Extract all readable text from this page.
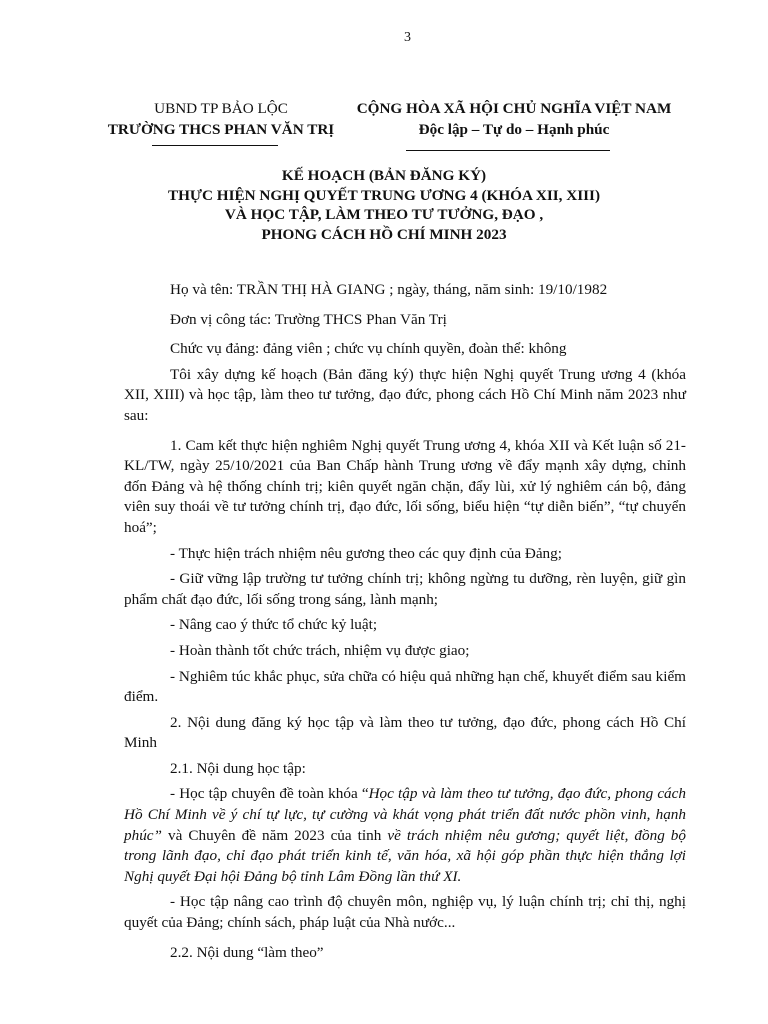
3
UBND TP BẢO LỘC
TRƯỜNG THCS PHAN VĂN TRỊ
CỘNG HÒA XÃ HỘI CHỦ NGHĨA VIỆT NAM
Độc lập – Tự do – Hạnh phúc
KẾ HOẠCH (BẢN ĐĂNG KÝ)
THỰC HIỆN NGHỊ QUYẾT TRUNG ƯƠNG 4 (KHÓA XII, XIII)
VÀ HỌC TẬP, LÀM THEO TƯ TƯỞNG, ĐẠO ,
PHONG CÁCH HỒ CHÍ MINH 2023

Họ và tên: TRẦN THỊ HÀ GIANG ; ngày, tháng, năm sinh: 19/10/1982

Đơn vị công tác: Trường THCS Phan Văn Trị

Chức vụ đảng: đảng viên ; chức vụ chính quyền, đoàn thể: không

Tôi xây dựng kế hoạch (Bản đăng ký) thực hiện Nghị quyết Trung ương 4 (khóa XII, XIII) và học tập, làm theo tư tưởng, đạo đức, phong cách Hồ Chí Minh năm 2023 như sau:

1. Cam kết thực hiện nghiêm Nghị quyết Trung ương 4, khóa XII và Kết luận số 21-KL/TW, ngày 25/10/2021 của Ban Chấp hành Trung ương về đẩy mạnh xây dựng, chỉnh đốn Đảng và hệ thống chính trị; kiên quyết ngăn chặn, đẩy lùi, xử lý nghiêm cán bộ, đảng viên suy thoái về tư tưởng chính trị, đạo đức, lối sống, biểu hiện “tự diễn biến”, “tự chuyển hoá”;

- Thực hiện trách nhiệm nêu gương theo các quy định của Đảng;

- Giữ vững lập trường tư tưởng chính trị; không ngừng tu dưỡng, rèn luyện, giữ gìn phẩm chất đạo đức, lối sống trong sáng, lành mạnh;

- Nâng cao ý thức tổ chức kỷ luật;

- Hoàn thành tốt chức trách, nhiệm vụ được giao;

- Nghiêm túc khắc phục, sửa chữa có hiệu quả những hạn chế, khuyết điểm sau kiểm điểm.

2. Nội dung đăng ký học tập và làm theo tư tưởng, đạo đức, phong cách Hồ Chí Minh

2.1. Nội dung học tập:

- Học tập chuyên đề toàn khóa “Học tập và làm theo tư tưởng, đạo đức, phong cách Hồ Chí Minh về ý chí tự lực, tự cường và khát vọng phát triển đất nước phồn vinh, hạnh phúc” và Chuyên đề năm 2023 của tỉnh về trách nhiệm nêu gương; quyết liệt, đồng bộ trong lãnh đạo, chỉ đạo phát triển kinh tế, văn hóa, xã hội góp phần thực hiện thắng lợi Nghị quyết Đại hội Đảng bộ tỉnh Lâm Đồng lần thứ XI.

- Học tập nâng cao trình độ chuyên môn, nghiệp vụ, lý luận chính trị; chỉ thị, nghị quyết của Đảng; chính sách, pháp luật của Nhà nước...

2.2. Nội dung “làm theo”
